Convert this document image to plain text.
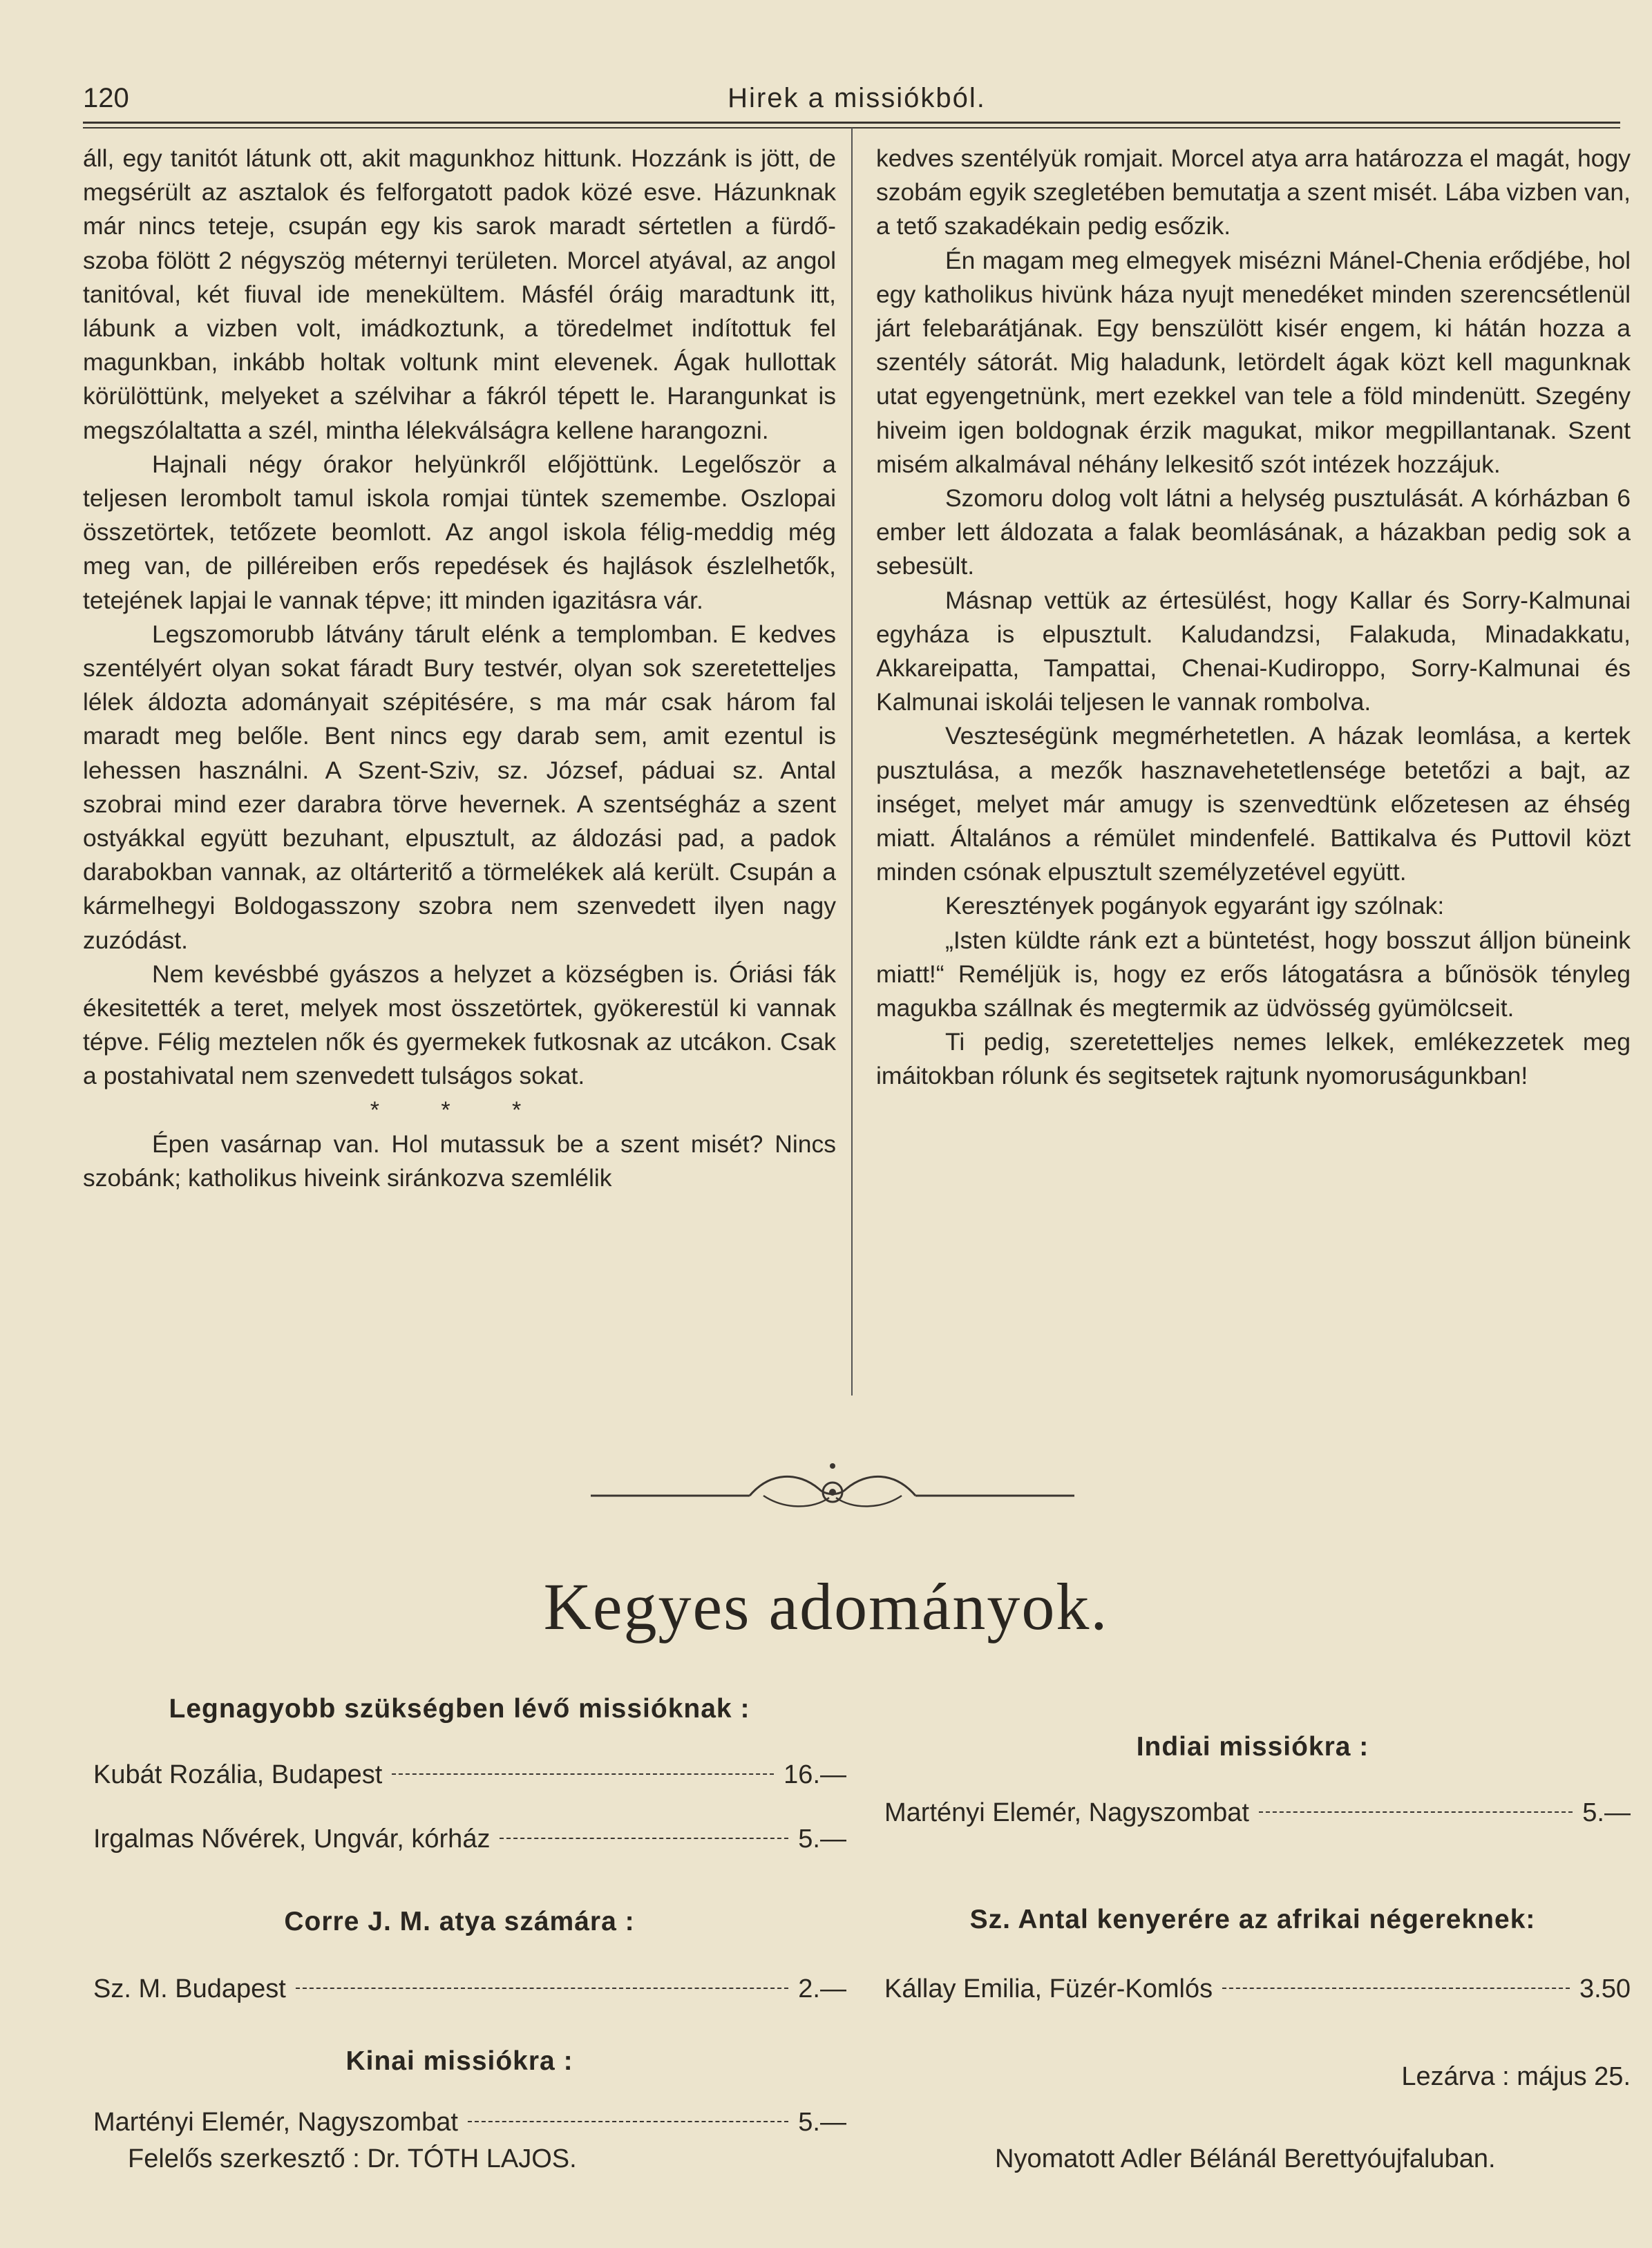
120	Hirek a missiókból.

áll, egy tanitót látunk ott, akit magunkhoz hittunk. Hozzánk is jött, de megsérült az asztalok és felforgatott padok közé esve. Házunknak már nincs teteje, csupán egy kis sarok maradt sértetlen a fürdő-szoba fölött 2 négyszög méternyi területen. Morcel atyával, az angol tanitóval, két fiuval ide menekültem. Másfél óráig maradtunk itt, lábunk a vizben volt, imádkoztunk, a töredelmet indítottuk fel magunkban, inkább holtak voltunk mint elevenek. Ágak hullottak körülöttünk, melyeket a szélvihar a fákról tépett le. Harangunkat is megszólaltatta a szél, mintha lélekválságra kellene harangozni.

Hajnali négy órakor helyünkről előjöttünk. Legelőször a teljesen lerombolt tamul iskola romjai tüntek szemembe. Oszlopai összetörtek, tetőzete beomlott. Az angol iskola félig-meddig még meg van, de pilléreiben erős repedések és hajlások észlelhetők, tetejének lapjai le vannak tépve; itt minden igazitásra vár.

Legszomorubb látvány tárult elénk a templomban. E kedves szentélyért olyan sokat fáradt Bury testvér, olyan sok szeretetteljes lélek áldozta adományait szépitésére, s ma már csak három fal maradt meg belőle. Bent nincs egy darab sem, amit ezentul is lehessen használni. A Szent-Sziv, sz. József, páduai sz. Antal szobrai mind ezer darabra törve hevernek. A szentségház a szent ostyákkal együtt bezuhant, elpusztult, az áldozási pad, a padok darabokban vannak, az oltárteritő a törmelékek alá került. Csupán a kármelhegyi Boldogasszony szobra nem szenvedett ilyen nagy zuzódást.

Nem kevésbbé gyászos a helyzet a községben is. Óriási fák ékesitették a teret, melyek most összetörtek, gyökerestül ki vannak tépve. Félig meztelen nők és gyermekek futkosnak az utcákon. Csak a postahivatal nem szenvedett tulságos sokat.

* * *

Épen vasárnap van. Hol mutassuk be a szent misét? Nincs szobánk; katholikus hiveink siránkozva szemlélik

kedves szentélyük romjait. Morcel atya arra határozza el magát, hogy szobám egyik szegletében bemutatja a szent misét. Lába vizben van, a tető szakadékain pedig esőzik.

Én magam meg elmegyek misézni Mánel-Chenia erődjébe, hol egy katholikus hivünk háza nyujt menedéket minden szerencsétlenül járt felebarátjának. Egy benszülött kisér engem, ki hátán hozza a szentély sátorát. Mig haladunk, letördelt ágak közt kell magunknak utat egyengetnünk, mert ezekkel van tele a föld mindenütt. Szegény hiveim igen boldognak érzik magukat, mikor megpillantanak. Szent misém alkalmával néhány lelkesitő szót intézek hozzájuk.

Szomoru dolog volt látni a helység pusztulását. A kórházban 6 ember lett áldozata a falak beomlásának, a házakban pedig sok a sebesült.

Másnap vettük az értesülést, hogy Kallar és Sorry-Kalmunai egyháza is elpusztult. Kaludandzsi, Falakuda, Minadakkatu, Akkareipatta, Tampattai, Chenai-Kudiroppo, Sorry-Kalmunai és Kalmunai iskolái teljesen le vannak rombolva.

Veszteségünk megmérhetetlen. A házak leomlása, a kertek pusztulása, a mezők hasznavehetetlensége betetőzi a bajt, az inséget, melyet már amugy is szenvedtünk előzetesen az éhség miatt. Általános a rémület mindenfelé. Battikalva és Puttovil közt minden csónak elpusztult személyzetével együtt.

Keresztények pogányok egyaránt igy szólnak:

„Isten küldte ránk ezt a büntetést, hogy bosszut álljon büneink miatt!“ Reméljük is, hogy ez erős látogatásra a bűnösök tényleg magukba szállnak és megtermik az üdvösség gyümölcseit.

Ti pedig, szeretetteljes nemes lelkek, emlékezzetek meg imáitokban rólunk és segitsetek rajtunk nyomoruságunkban!

Kegyes adományok.
Legnagyobb szükségben lévő missióknak :
Kubát Rozália, Budapest	16.—
Irgalmas Nővérek, Ungvár, kórház	5.—
Corre J. M. atya számára :
Sz. M. Budapest	2.—
Kinai missiókra :
Martényi Elemér, Nagyszombat	5.—
Indiai missiókra :
Martényi Elemér, Nagyszombat	5.—
Sz. Antal kenyerére az afrikai négereknek:
Kállay Emilia, Füzér-Komlós	3.50
Lezárva : május 25.
Felelős szerkesztő : Dr. TÓTH LAJOS.	Nyomatott Adler Bélánál Berettyóujfaluban.
